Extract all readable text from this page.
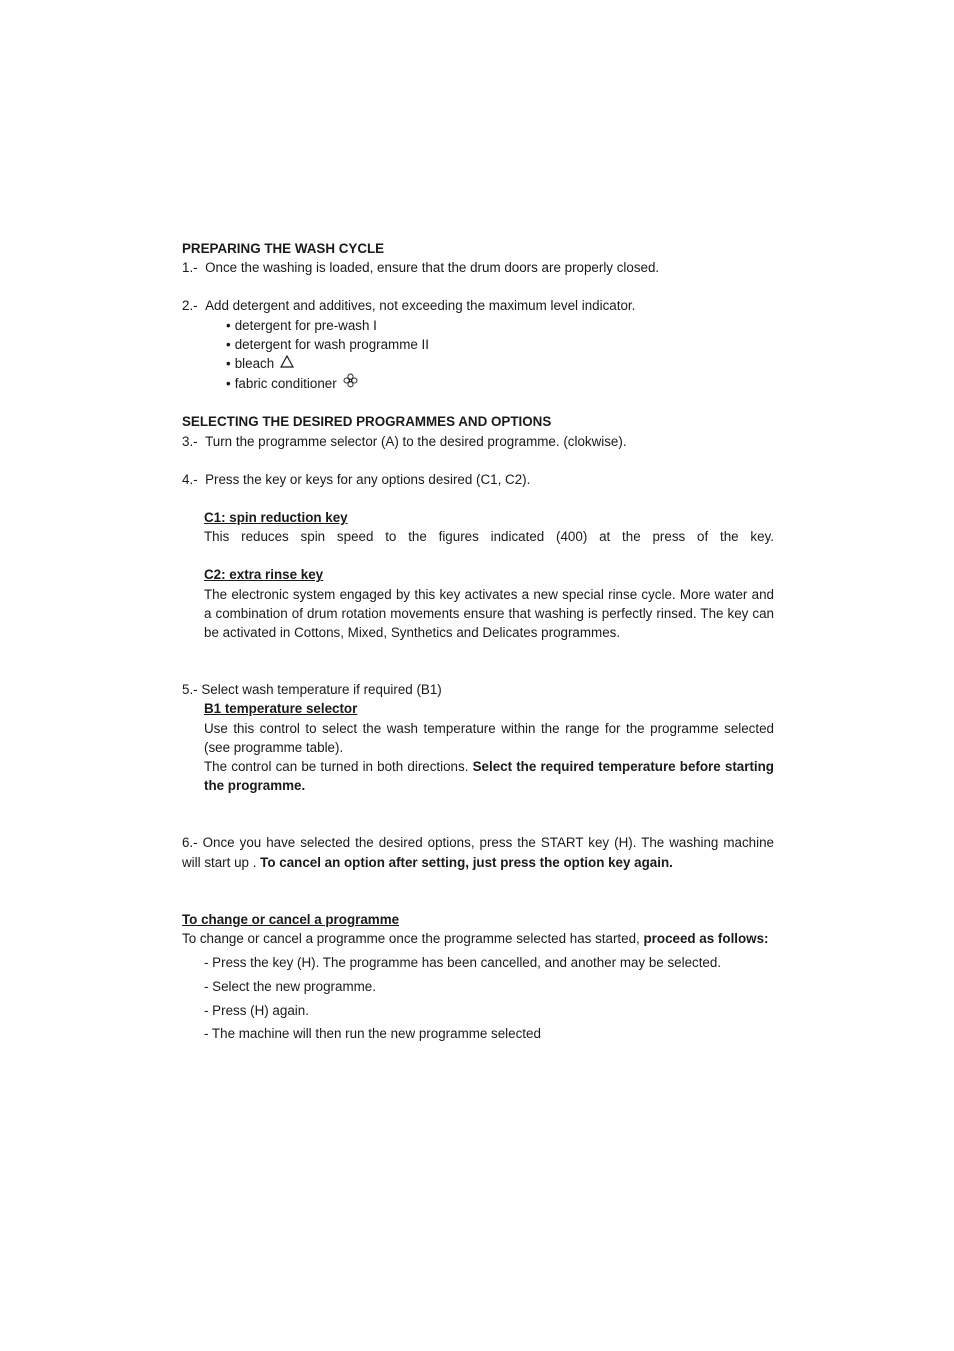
PREPARING THE WASH CYCLE

1.-
Once the washing is loaded, ensure that the drum doors are properly closed.
2.-
Add detergent and additives, not exceeding the maximum level indicator.
• detergent for pre-wash I
• detergent for wash programme II
• bleach
• fabric conditioner

SELECTING THE DESIRED PROGRAMMES AND OPTIONS

3.-
Turn the programme selector (A) to the desired programme. (clokwise).
4.-
Press the key or keys for any options desired (C1, C2).

C1: spin reduction key

This reduces spin speed to the figures indicated (400) at the press of the key.

C2: extra rinse key

The electronic system engaged by this key activates a new special rinse cycle. More water and a combination of drum rotation movements ensure that washing is perfectly rinsed. The key can be activated in Cottons, Mixed, Synthetics and Delicates programmes.

5.- Select wash temperature if required (B1)

B1 temperature selector

Use this control to select the wash temperature within the range for the programme selected (see programme table).

The control can be turned in both directions. Select the required temperature before starting the programme.

6.- Once you have selected the desired options, press the START key (H). The washing machine will start up . To cancel an option after setting, just press the option key again.

To change or cancel a programme

To change or cancel a programme once the programme selected has started, proceed as follows:

- Press the key (H). The programme has been cancelled, and another may be selected.
- Select the new programme.
- Press (H) again.
- The machine will then run the new programme selected
